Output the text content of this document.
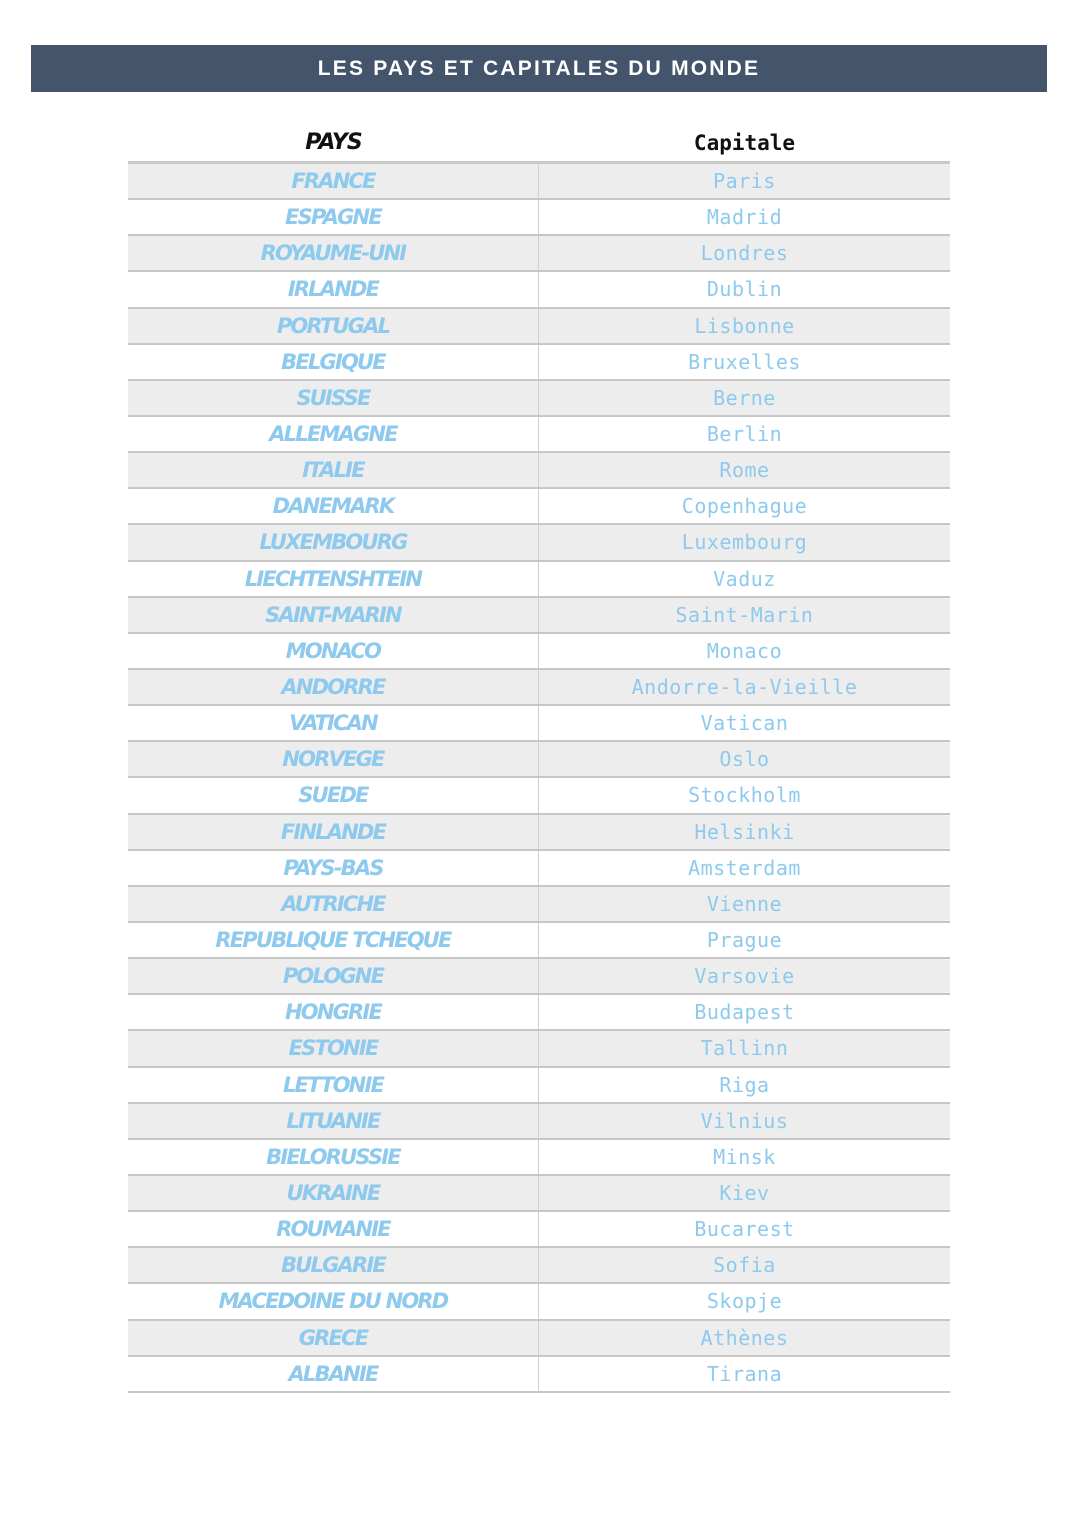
LES PAYS ET CAPITALES DU MONDE
PAYS	Capitale
FRANCE	Paris
ESPAGNE	Madrid
ROYAUME-UNI	Londres
IRLANDE	Dublin
PORTUGAL	Lisbonne
BELGIQUE	Bruxelles
SUISSE	Berne
ALLEMAGNE	Berlin
ITALIE	Rome
DANEMARK	Copenhague
LUXEMBOURG	Luxembourg
LIECHTENSHTEIN	Vaduz
SAINT-MARIN	Saint-Marin
MONACO	Monaco
ANDORRE	Andorre-la-Vieille
VATICAN	Vatican
NORVEGE	Oslo
SUEDE	Stockholm
FINLANDE	Helsinki
PAYS-BAS	Amsterdam
AUTRICHE	Vienne
REPUBLIQUE TCHEQUE	Prague
POLOGNE	Varsovie
HONGRIE	Budapest
ESTONIE	Tallinn
LETTONIE	Riga
LITUANIE	Vilnius
BIELORUSSIE	Minsk
UKRAINE	Kiev
ROUMANIE	Bucarest
BULGARIE	Sofia
MACEDOINE DU NORD	Skopje
GRECE	Athènes
ALBANIE	Tirana
